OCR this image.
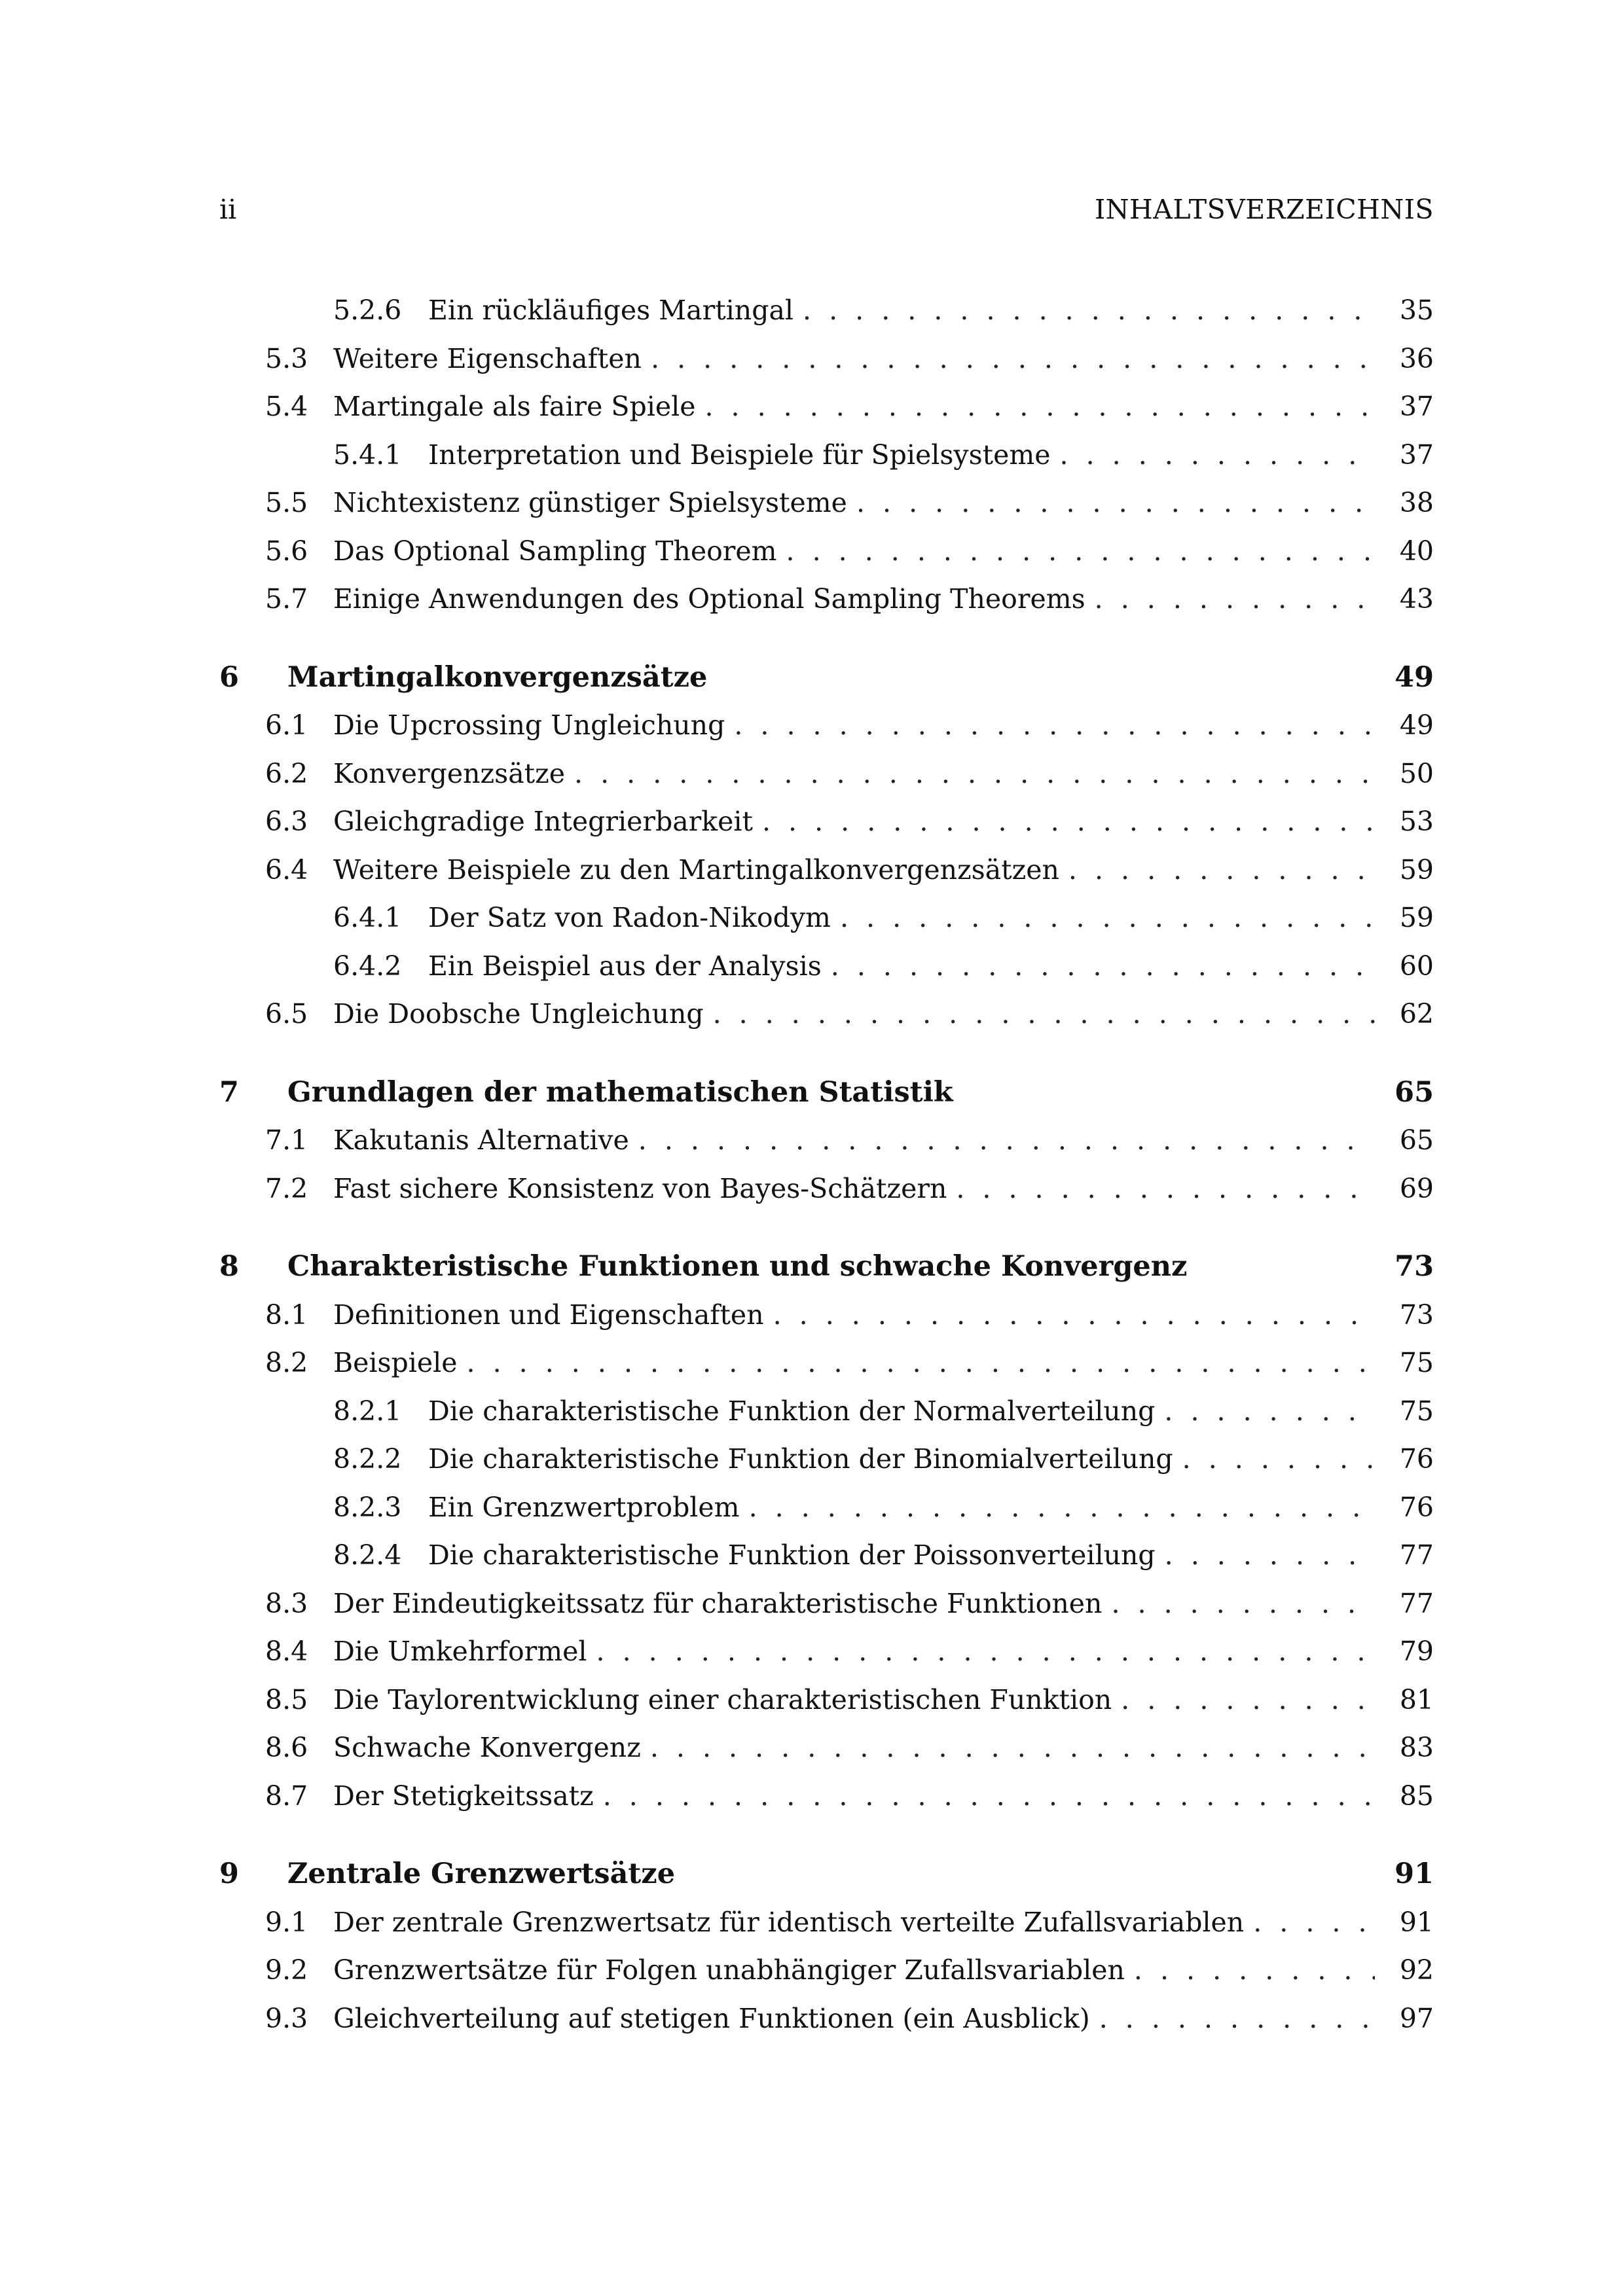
ii	INHALTSVERZEICHNIS
5.2.6 Ein rückläufiges Martingal . . .	35
5.3 Weitere Eigenschaften . . .	36
5.4 Martingale als faire Spiele . . .	37
5.4.1 Interpretation und Beispiele für Spielsysteme . . .	37
5.5 Nichtexistenz günstiger Spielsysteme . . .	38
5.6 Das Optional Sampling Theorem . . .	40
5.7 Einige Anwendungen des Optional Sampling Theorems . . .	43
6	Martingalkonvergenzsätze	49
6.1 Die Upcrossing Ungleichung . . .	49
6.2 Konvergenzsätze . . .	50
6.3 Gleichgradige Integrierbarkeit . . .	53
6.4 Weitere Beispiele zu den Martingalkonvergenzsätzen . . .	59
6.4.1 Der Satz von Radon-Nikodym . . .	59
6.4.2 Ein Beispiel aus der Analysis . . .	60
6.5 Die Doobsche Ungleichung . . .	62
7	Grundlagen der mathematischen Statistik	65
7.1 Kakutanis Alternative . . .	65
7.2 Fast sichere Konsistenz von Bayes-Schätzern . . .	69
8	Charakteristische Funktionen und schwache Konvergenz	73
8.1 Definitionen und Eigenschaften . . .	73
8.2 Beispiele . . .	75
8.2.1 Die charakteristische Funktion der Normalverteilung . . .	75
8.2.2 Die charakteristische Funktion der Binomialverteilung . . .	76
8.2.3 Ein Grenzwertproblem . . .	76
8.2.4 Die charakteristische Funktion der Poissonverteilung . . .	77
8.3 Der Eindeutigkeitssatz für charakteristische Funktionen . . .	77
8.4 Die Umkehrformel . . .	79
8.5 Die Taylorentwicklung einer charakteristischen Funktion . . .	81
8.6 Schwache Konvergenz . . .	83
8.7 Der Stetigkeitssatz . . .	85
9	Zentrale Grenzwertsätze	91
9.1 Der zentrale Grenzwertsatz für identisch verteilte Zufallsvariablen . . .	91
9.2 Grenzwertsätze für Folgen unabhängiger Zufallsvariablen . . .	92
9.3 Gleichverteilung auf stetigen Funktionen (ein Ausblick) . . .	97
